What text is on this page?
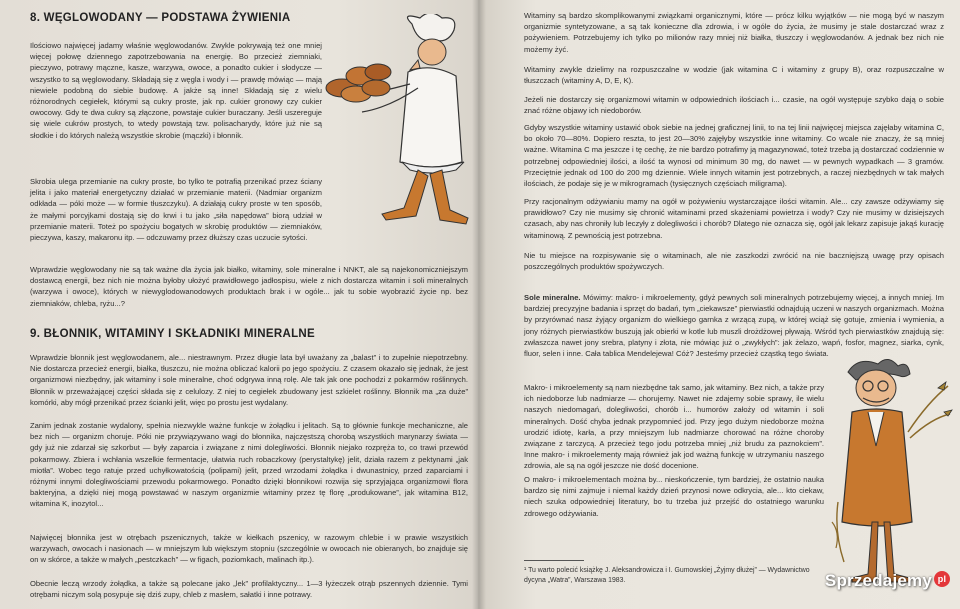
8. WĘGLOWODANY — PODSTAWA ŻYWIENIA

Ilościowo najwięcej jadamy właśnie węglowodanów. Zwykle pokrywają też one mniej więcej połowę dziennego zapotrzebowania na energię. Bo przecież ziemniaki, pieczywo, potrawy mączne, kasze, warzywa, owoce, a ponadto cukier i słodycze — wszystko to są węglowodany. Składają się z węgla i wody i — prawdę mówiąc — mają niewiele podobną do siebie budowę. A jakże są inne! Składają się z wielu różnorodnych cegiełek, którymi są cukry proste, jak np. cukier gronowy czy cukier owocowy. Gdy te dwa cukry są złączone, powstaje cukier buraczany. Jeśli uszereguje się wiele cukrów prostych, to wtedy powstają tzw. polisacharydy, które już nie są słodkie i do których należą wszystkie skrobie (mączki) i błonnik.

Skrobia ulega przemianie na cukry proste, bo tylko te potrafią przenikać przez ściany jelita i jako materiał energetyczny działać w przemianie materii. (Nadmiar organizm odkłada — póki może — w formie tłuszczyku). A działają cukry proste w ten sposób, że małymi porcyjkami dostają się do krwi i tu jako „siła napędowa” biorą udział w przemianie materii. Toteż po spożyciu bogatych w skrobię produktów — ziemniaków, pieczywa, kaszy, makaronu itp. — odczuwamy przez dłuższy czas uczucie sytości.

Wprawdzie węglowodany nie są tak ważne dla życia jak białko, witaminy, sole mineralne i NNKT, ale są najekonomiczniejszym dostawcą energii, bez nich nie można byłoby ułożyć prawidłowego jadłospisu, wiele z nich dostarcza witamin i soli mineralnych (warzywa i owoce), których w niewyglodowanodowych produktach brak i w ogóle... jak tu sobie wyobrazić życie np. bez ziemniaków, chleba, ryżu...?

9. BŁONNIK, WITAMINY I SKŁADNIKI MINERALNE

Wprawdzie błonnik jest węglowodanem, ale... niestrawnym. Przez długie lata był uważany za „balast” i to zupełnie niepotrzebny. Nie dostarcza przecież energii, białka, tłuszczu, nie można obliczać kalorii po jego spożyciu. Z czasem okazało się jednak, że jest organizmowi niezbędny, jak witaminy i sole mineralne, choć odgrywa inną rolę. Ale tak jak one pochodzi z pokarmów roślinnych. Błonnik w przeważającej części składa się z celulozy. Z niej to cegiełek zbudowany jest szkielet roślinny. Błonnik ma „za duże” komórki, aby mógł przenikać przez ścianki jelit, więc po prostu jest wydalany.

Zanim jednak zostanie wydalony, spełnia niezwykle ważne funkcje w żołądku i jelitach. Są to głównie funkcje mechaniczne, ale bez nich — organizm choruje. Póki nie przywiązywano wagi do błonnika, najczęstszą chorobą wszystkich marynarzy świata — gdy już nie zdarzał się szkorbut — były zaparcia i związane z nimi dolegliwości. Błonnik niejako rozpręża to, co trawi przewód pokarmowy. Zbiera i wchłania wszelkie fermentacje, ułatwia ruch robaczkowy (perystaltykę) jelit, działa razem z pektynami „jak miotła”. Wobec tego ratuje przed uchyłkowatością (polipami) jelit, przed wrzodami żołądka i dwunastnicy, przed zaparciami i różnymi innymi dolegliwościami przewodu pokarmowego. Ponadto dzięki błonnikowi rozwija się sprzyjająca organizmowi flora bakteryjna, a dzięki niej mogą powstawać w naszym organizmie witaminy przez tę florę „produkowane”, jak witamina B12, witamina K, inozytol...

Najwięcej błonnika jest w otrębach pszenicznych, także w kiełkach pszenicy, w razowym chlebie i w prawie wszystkich warzywach, owocach i nasionach — w mniejszym lub większym stopniu (szczególnie w owocach nie obieranych, bo znajduje się on w skórce, a także w małych „pestczkach” — w figach, poziomkach, malinach itp.).

Obecnie leczą wrzody żołądka, a także są polecane jako „lek” profilaktyczny... 1—3 łyżeczek otrąb pszennych dziennie. Tymi otrębami niczym solą posypuje się dziś zupy, chleb z masłem, sałatki i inne potrawy.

Witaminy są bardzo skomplikowanymi związkami organicznymi, które — prócz kilku wyjątków — nie mogą być w naszym organizmie syntetyzowane, a są tak konieczne dla zdrowia, i w ogóle do życia, że musimy je stale dostarczać wraz z pożywieniem. Potrzebujemy ich tylko po milionów razy mniej niż białka, tłuszczy i węglowodanów. A jednak bez nich nie możemy żyć.

Witaminy zwykle dzielimy na rozpuszczalne w wodzie (jak witamina C i witaminy z grupy B), oraz rozpuszczalne w tłuszczach (witaminy A, D, E, K).

Jeżeli nie dostarczy się organizmowi witamin w odpowiednich ilościach i... czasie, na ogół występuje szybko dają o sobie znać różne objawy ich niedoborów.

Gdyby wszystkie witaminy ustawić obok siebie na jednej graficznej linii, to na tej linii najwięcej miejsca zajęłaby witamina C, bo około 70—80%. Dopiero reszta, to jest 20—30% zajęłyby wszystkie inne witaminy. Co wcale nie znaczy, że są mniej ważne. Witamina C ma jeszcze i tę cechę, że nie bardzo potrafimy ją magazynować, toteż trzeba ją dostarczać codziennie w potrzebnej odpowiedniej ilości, a ilość ta wynosi od minimum 30 mg, do nawet — w pewnych wypadkach — 3 gramów. Przeciętnie jednak od 100 do 200 mg dziennie. Wiele innych witamin jest potrzebnych, a raczej niezbędnych w tak małych ilościach, że podaje się je w mikrogramach (tysięcznych częściach miligrama).

Przy racjonalnym odżywianiu mamy na ogół w pożywieniu wystarczające ilości witamin. Ale... czy zawsze odżywiamy się prawidłowo? Czy nie musimy się chronić witaminami przed skażeniami powietrza i wody? Czy nie musimy w dzisiejszych czasach, aby nas chroniły lub leczyły z dolegliwości i chorób? Dlatego nie oznacza się, ogół jak lekarz zapisuje jakąś kurację witaminową. Z pewnością jest potrzebna.

Nie tu miejsce na rozpisywanie się o witaminach, ale nie zaszkodzi zwrócić na nie bacznięjszą uwagę przy opisach poszczególnych produktów spożywczych.

Sole mineralne. Mówimy: makro- i mikroelementy, gdyż pewnych soli mineralnych potrzebujemy więcej, a innych mniej. Im bardziej precyzyjne badania i sprzęt do badań, tym „ciekawsze” pierwiastki odnajdują uczeni w naszych organizmach. Można by przyrównać nasz żyjący organizm do wielkiego garnka z wrzącą zupą, w której wciąż się gotuje, zmienia i wymienia, a jony różnych pierwiastków buszują jak obierki w kotle lub muszli drożdżowej pływają. Wśród tych pierwiastków znajdują się: zwłaszcza nawet jony srebra, platyny i złota, nie mówiąc już o „zwykłych”: jak żelazo, wapń, fosfor, magnez, siarka, cynk, fluor, selen i inne. Cała tablica Mendelejewa! Cóż? Jesteśmy przecież cząstką tego świata.

Makro- i mikroelementy są nam niezbędne tak samo, jak witaminy. Bez nich, a także przy ich niedoborze lub nadmiarze — chorujemy. Nawet nie zdajemy sobie sprawy, ile wielu naszych niedomagań, dolegliwości, chorób i... humorów założy od witamin i soli mineralnych. Dość chyba jednak przypomnieć jod. Przy jego dużym niedoborze można urodzić idiotę, karła, a przy mniejszym lub nadmiarze chorować na różne choroby związane z tarczycą. A przecież tego jodu potrzeba mniej „niż brudu za paznokciem”. Inne makro- i mikroelementy mają również jak jod ważną funkcję w utrzymaniu naszego zdrowia, ale są na ogół jeszcze nie dość docenione.

O makro- i mikroelementach można by... nieskończenie, tym bardziej, że ostatnio nauka bardzo się nimi zajmuje i niemal każdy dzień przynosi nowe odkrycia, ale... kto ciekaw, niech szuka odpowiedniej literatury, bo tu trzeba już przejść do ostatniego warunku zdrowego odżywiania.

¹ Tu warto polecić książkę J. Aleksandrowicza i I. Gumowskiej „Żyjmy dłużej” — Wydawnictwo dycyna „Watra”, Warszawa 1983.	Sprzedajemy pl
